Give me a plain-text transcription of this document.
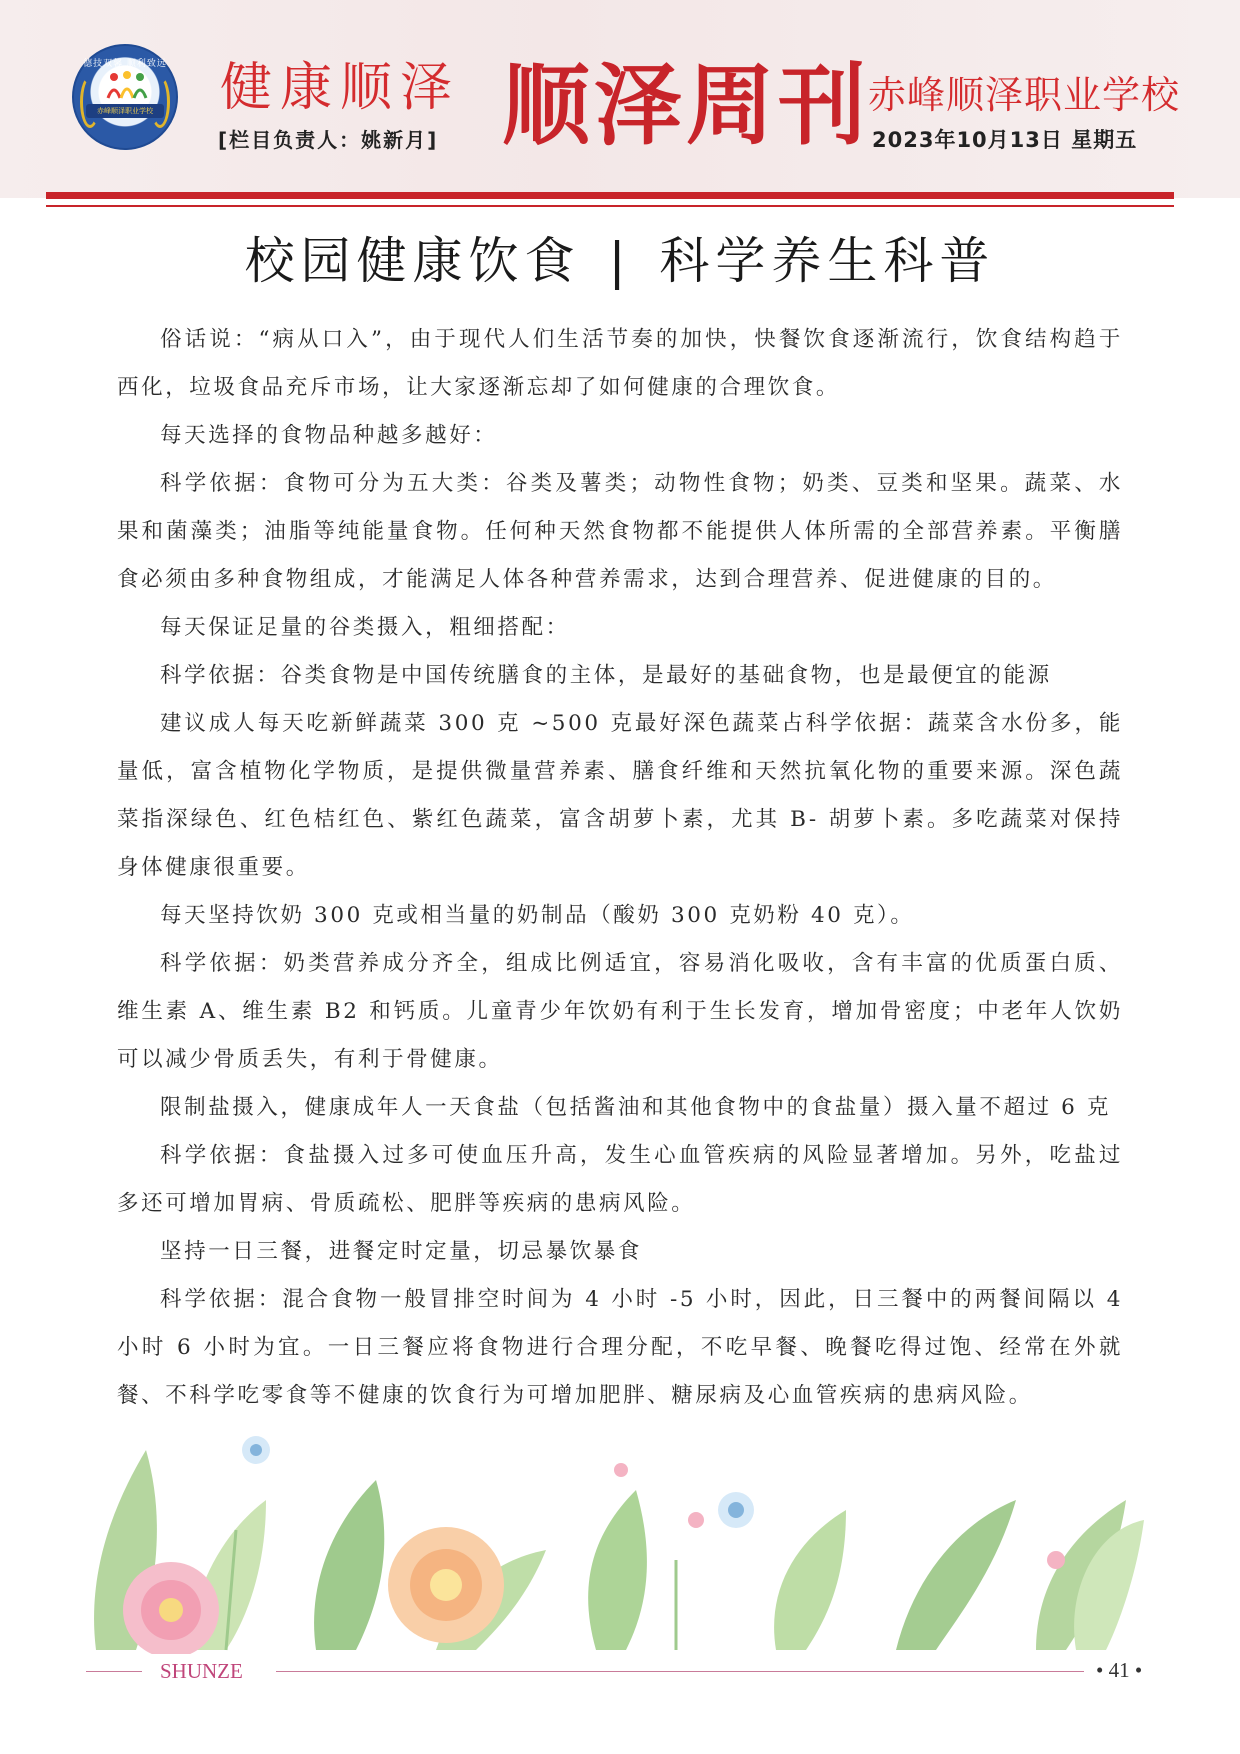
德技双馨 顺利致远
赤峰顺泽职业学校 健康顺泽
[栏目负责人：姚新月] 顺泽周刊
赤峰顺泽职业学校
2023年10月13日 星期五
校园健康饮食 | 科学养生科普

俗话说：“病从口入”，由于现代人们生活节奏的加快，快餐饮食逐渐流行，饮食结构趋于西化，垃圾食品充斥市场，让大家逐渐忘却了如何健康的合理饮食。

每天选择的食物品种越多越好：

科学依据：食物可分为五大类：谷类及薯类；动物性食物；奶类、豆类和坚果。蔬菜、水果和菌藻类；油脂等纯能量食物。任何种天然食物都不能提供人体所需的全部营养素。平衡膳食必须由多种食物组成，才能满足人体各种营养需求，达到合理营养、促进健康的目的。

每天保证足量的谷类摄入，粗细搭配：

科学依据：谷类食物是中国传统膳食的主体，是最好的基础食物，也是最便宜的能源

建议成人每天吃新鲜蔬菜 300 克 ~500 克最好深色蔬菜占科学依据：蔬菜含水份多，能量低，富含植物化学物质，是提供微量营养素、膳食纤维和天然抗氧化物的重要来源。深色蔬菜指深绿色、红色桔红色、紫红色蔬菜，富含胡萝卜素，尤其 B- 胡萝卜素。多吃蔬菜对保持身体健康很重要。

每天坚持饮奶 300 克或相当量的奶制品（酸奶 300 克奶粉 40 克）。

科学依据：奶类营养成分齐全，组成比例适宜，容易消化吸收，含有丰富的优质蛋白质、维生素 A、维生素 B2 和钙质。儿童青少年饮奶有利于生长发育，增加骨密度；中老年人饮奶可以减少骨质丢失，有利于骨健康。

限制盐摄入，健康成年人一天食盐（包括酱油和其他食物中的食盐量）摄入量不超过 6 克

科学依据：食盐摄入过多可使血压升高，发生心血管疾病的风险显著增加。另外，吃盐过多还可增加胃病、骨质疏松、肥胖等疾病的患病风险。

坚持一日三餐，进餐定时定量，切忌暴饮暴食

科学依据：混合食物一般冒排空时间为 4 小时 -5 小时，因此，日三餐中的两餐间隔以 4 小时 6 小时为宜。一日三餐应将食物进行合理分配，不吃早餐、晚餐吃得过饱、经常在外就餐、不科学吃零食等不健康的饮食行为可增加肥胖、糖尿病及心血管疾病的患病风险。

SHUNZE	• 41 •
